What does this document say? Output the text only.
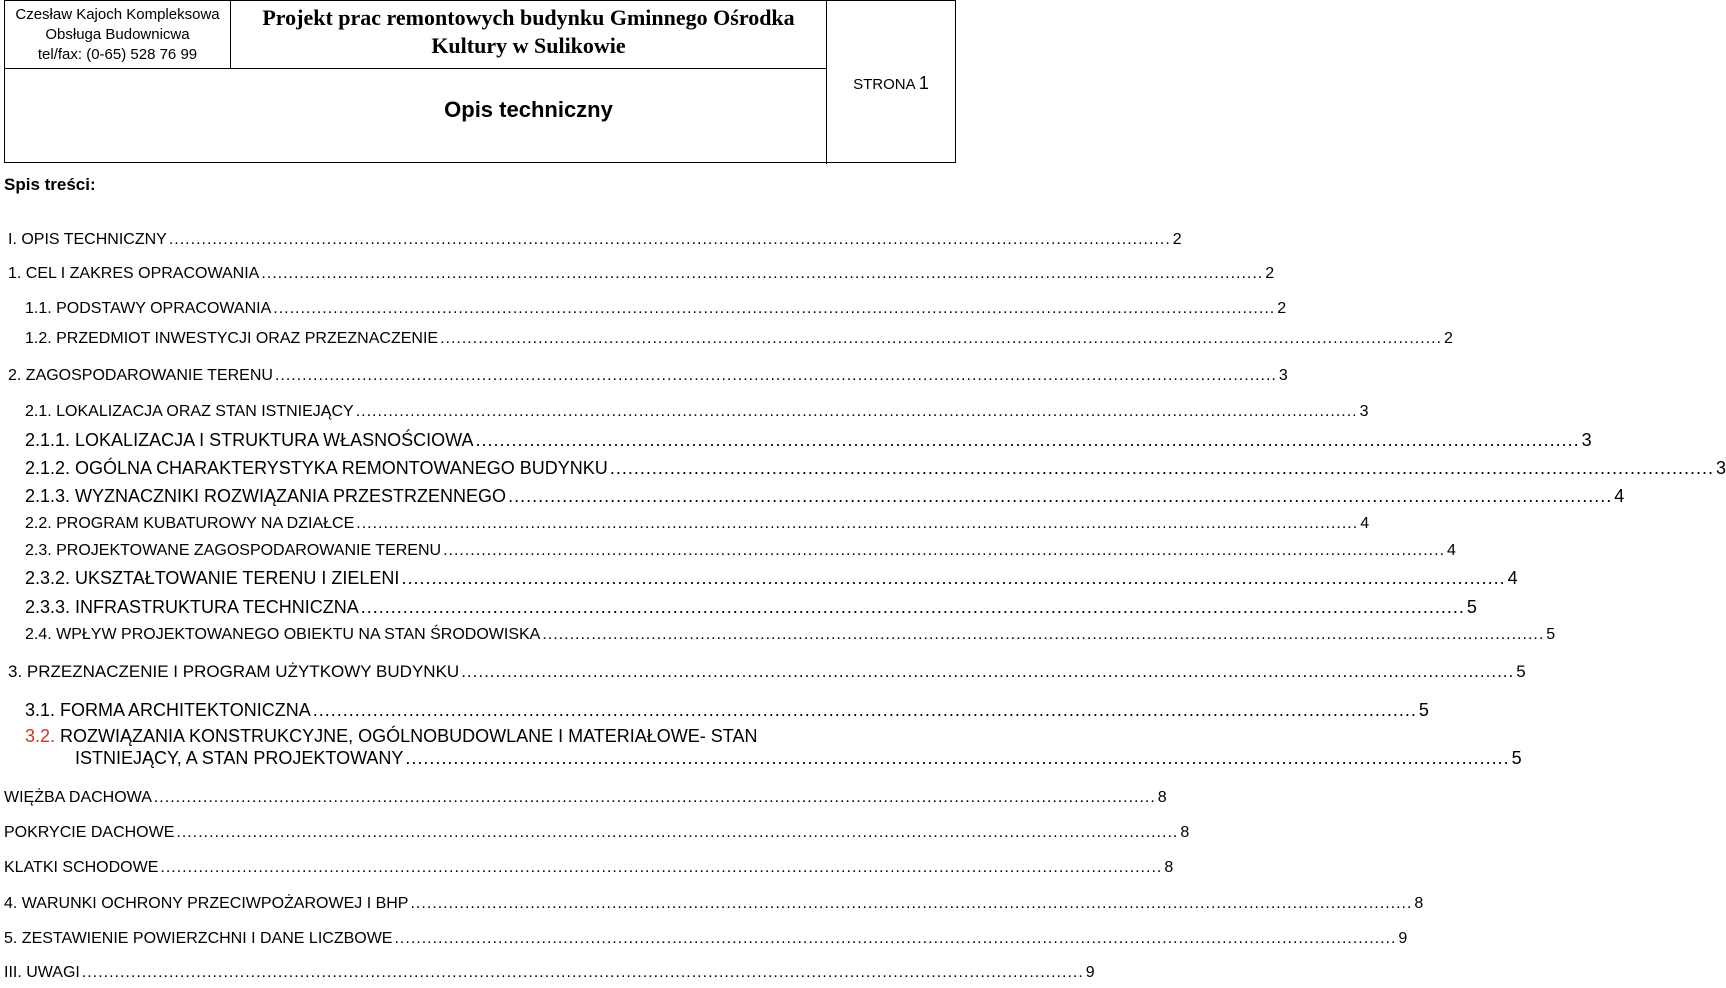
Czesław Kajoch Kompleksowa
Obsługa Budownicwa
tel/fax: (0-65) 528 76 99
Projekt prac remontowych budynku Gminnego Ośrodka Kultury w Sulikowie
Opis techniczny
STRONA 1
Spis treści:
I. OPIS TECHNICZNY ........................................................................................................................................................................................ 2
1. CEL I ZAKRES OPRACOWANIA ........................................................................................................................................................................................ 2
1.1. PODSTAWY OPRACOWANIA ........................................................................................................................................................................................ 2
1.2. PRZEDMIOT INWESTYCJI ORAZ PRZEZNACZENIE ........................................................................................................................................................................................ 2
2. ZAGOSPODAROWANIE TERENU ........................................................................................................................................................................................ 3
2.1. LOKALIZACJA ORAZ STAN ISTNIEJĄCY ........................................................................................................................................................................................ 3
2.1.1. LOKALIZACJA I STRUKTURA WŁASNOŚCIOWA ........................................................................................................................................................................................ 3
2.1.2. OGÓLNA CHARAKTERYSTYKA REMONTOWANEGO BUDYNKU ........................................................................................................................................................................................ 3
2.1.3. WYZNACZNIKI ROZWIĄZANIA PRZESTRZENNEGO ........................................................................................................................................................................................ 4
2.2. PROGRAM KUBATUROWY NA DZIAŁCE ........................................................................................................................................................................................ 4
2.3. PROJEKTOWANE ZAGOSPODAROWANIE TERENU ........................................................................................................................................................................................ 4
2.3.2. UKSZTAŁTOWANIE TERENU I ZIELENI ........................................................................................................................................................................................ 4
2.3.3. INFRASTRUKTURA TECHNICZNA ........................................................................................................................................................................................ 5
2.4. WPŁYW PROJEKTOWANEGO OBIEKTU NA STAN ŚRODOWISKA ........................................................................................................................................................................................ 5
3. PRZEZNACZENIE I PROGRAM UŻYTKOWY BUDYNKU ........................................................................................................................................................................................ 5
3.1. FORMA ARCHITEKTONICZNA ........................................................................................................................................................................................ 5
3.2. ROZWIĄZANIA KONSTRUKCYJNE, OGÓLNOBUDOWLANE I MATERIAŁOWE- STAN
ISTNIEJĄCY, A STAN PROJEKTOWANY ........................................................................................................................................................................................ 5
WIĘŻBA DACHOWA ........................................................................................................................................................................................ 8
POKRYCIE DACHOWE ........................................................................................................................................................................................ 8
KLATKI SCHODOWE ........................................................................................................................................................................................ 8
4. WARUNKI OCHRONY PRZECIWPOŻAROWEJ I BHP ........................................................................................................................................................................................ 8
5. ZESTAWIENIE POWIERZCHNI I DANE LICZBOWE ........................................................................................................................................................................................ 9
III. UWAGI ........................................................................................................................................................................................ 9
